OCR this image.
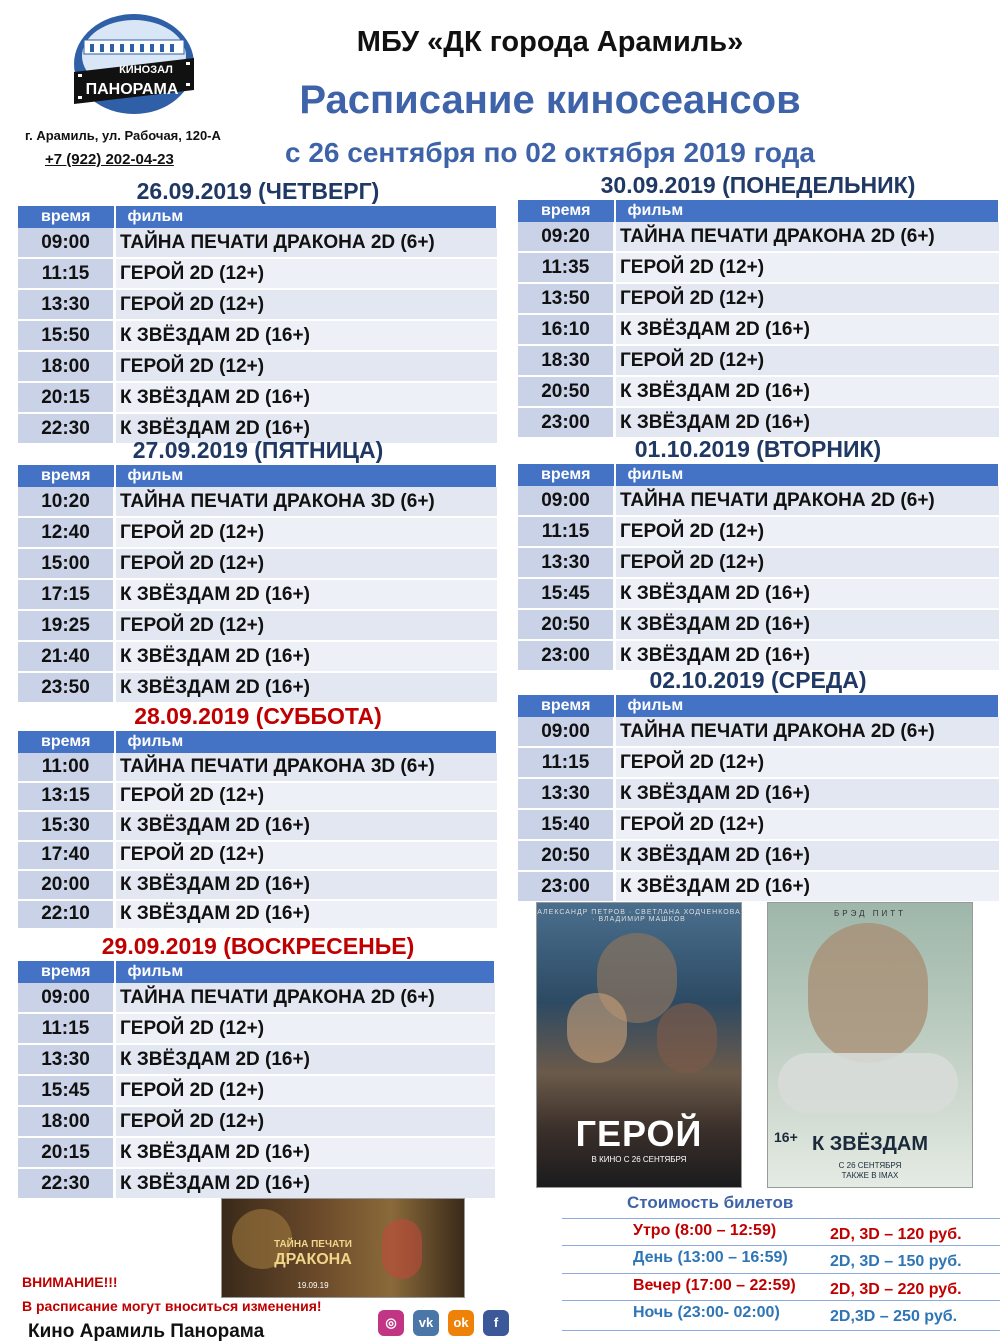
КИНОЗАЛ
ПАНОРАМА
г. Арамиль, ул. Рабочая, 120-А
+7 (922) 202-04-23
МБУ «ДК города Арамиль»
Расписание киносеансов
с 26 сентября по 02 октября 2019 года
26.09.2019 (ЧЕТВЕРГ)
время	фильм
09:00	ТАЙНА ПЕЧАТИ ДРАКОНА 2D (6+)
11:15	ГЕРОЙ 2D (12+)
13:30	ГЕРОЙ 2D (12+)
15:50	К ЗВЁЗДАМ 2D (16+)
18:00	ГЕРОЙ 2D (12+)
20:15	К ЗВЁЗДАМ 2D (16+)
22:30	К ЗВЁЗДАМ 2D (16+)
27.09.2019 (ПЯТНИЦА)
время	фильм
10:20	ТАЙНА ПЕЧАТИ ДРАКОНА 3D (6+)
12:40	ГЕРОЙ 2D (12+)
15:00	ГЕРОЙ 2D (12+)
17:15	К ЗВЁЗДАМ 2D (16+)
19:25	ГЕРОЙ 2D (12+)
21:40	К ЗВЁЗДАМ 2D (16+)
23:50	К ЗВЁЗДАМ 2D (16+)
28.09.2019 (СУББОТА)
время	фильм
11:00	ТАЙНА ПЕЧАТИ ДРАКОНА 3D (6+)
13:15	ГЕРОЙ 2D (12+)
15:30	К ЗВЁЗДАМ 2D (16+)
17:40	ГЕРОЙ 2D (12+)
20:00	К ЗВЁЗДАМ 2D (16+)
22:10	К ЗВЁЗДАМ 2D (16+)
29.09.2019 (ВОСКРЕСЕНЬЕ)
время	фильм
09:00	ТАЙНА ПЕЧАТИ ДРАКОНА 2D (6+)
11:15	ГЕРОЙ 2D (12+)
13:30	К ЗВЁЗДАМ 2D (16+)
15:45	ГЕРОЙ 2D (12+)
18:00	ГЕРОЙ 2D (12+)
20:15	К ЗВЁЗДАМ 2D (16+)
22:30	К ЗВЁЗДАМ 2D (16+)
30.09.2019 (ПОНЕДЕЛЬНИК)
время	фильм
09:20	ТАЙНА ПЕЧАТИ ДРАКОНА 2D (6+)
11:35	ГЕРОЙ 2D (12+)
13:50	ГЕРОЙ 2D (12+)
16:10	К ЗВЁЗДАМ 2D (16+)
18:30	ГЕРОЙ 2D (12+)
20:50	К ЗВЁЗДАМ 2D (16+)
23:00	К ЗВЁЗДАМ 2D (16+)
01.10.2019 (ВТОРНИК)
время	фильм
09:00	ТАЙНА ПЕЧАТИ ДРАКОНА 2D (6+)
11:15	ГЕРОЙ 2D (12+)
13:30	ГЕРОЙ 2D (12+)
15:45	К ЗВЁЗДАМ 2D (16+)
20:50	К ЗВЁЗДАМ 2D (16+)
23:00	К ЗВЁЗДАМ 2D (16+)
02.10.2019 (СРЕДА)
время	фильм
09:00	ТАЙНА ПЕЧАТИ ДРАКОНА 2D (6+)
11:15	ГЕРОЙ 2D (12+)
13:30	К ЗВЁЗДАМ 2D (16+)
15:40	ГЕРОЙ 2D (12+)
20:50	К ЗВЁЗДАМ 2D (16+)
23:00	К ЗВЁЗДАМ 2D (16+)
АЛЕКСАНДР ПЕТРОВ · СВЕТЛАНА ХОДЧЕНКОВА · ВЛАДИМИР МАШКОВ
ГЕРОЙ
В КИНО С 26 СЕНТЯБРЯ
БРЭД ПИТТ
К ЗВЁЗДАМ
С 26 СЕНТЯБРЯ
ТАКЖЕ В IMAX
16+
ТАЙНА ПЕЧАТИ
ДРАКОНА
19.09.19
Стоимость билетов
Утро (8:00 – 12:59)	2D, 3D – 120 руб.
День (13:00 – 16:59)	2D, 3D – 150 руб.
Вечер (17:00 – 22:59) 2D, 3D – 220 руб.
Ночь (23:00- 02:00)	2D,3D – 250 руб.
ВНИМАНИЕ!!!
В расписание могут вноситься изменения!
Кино Арамиль Панорама	◎	vk	ok	f
